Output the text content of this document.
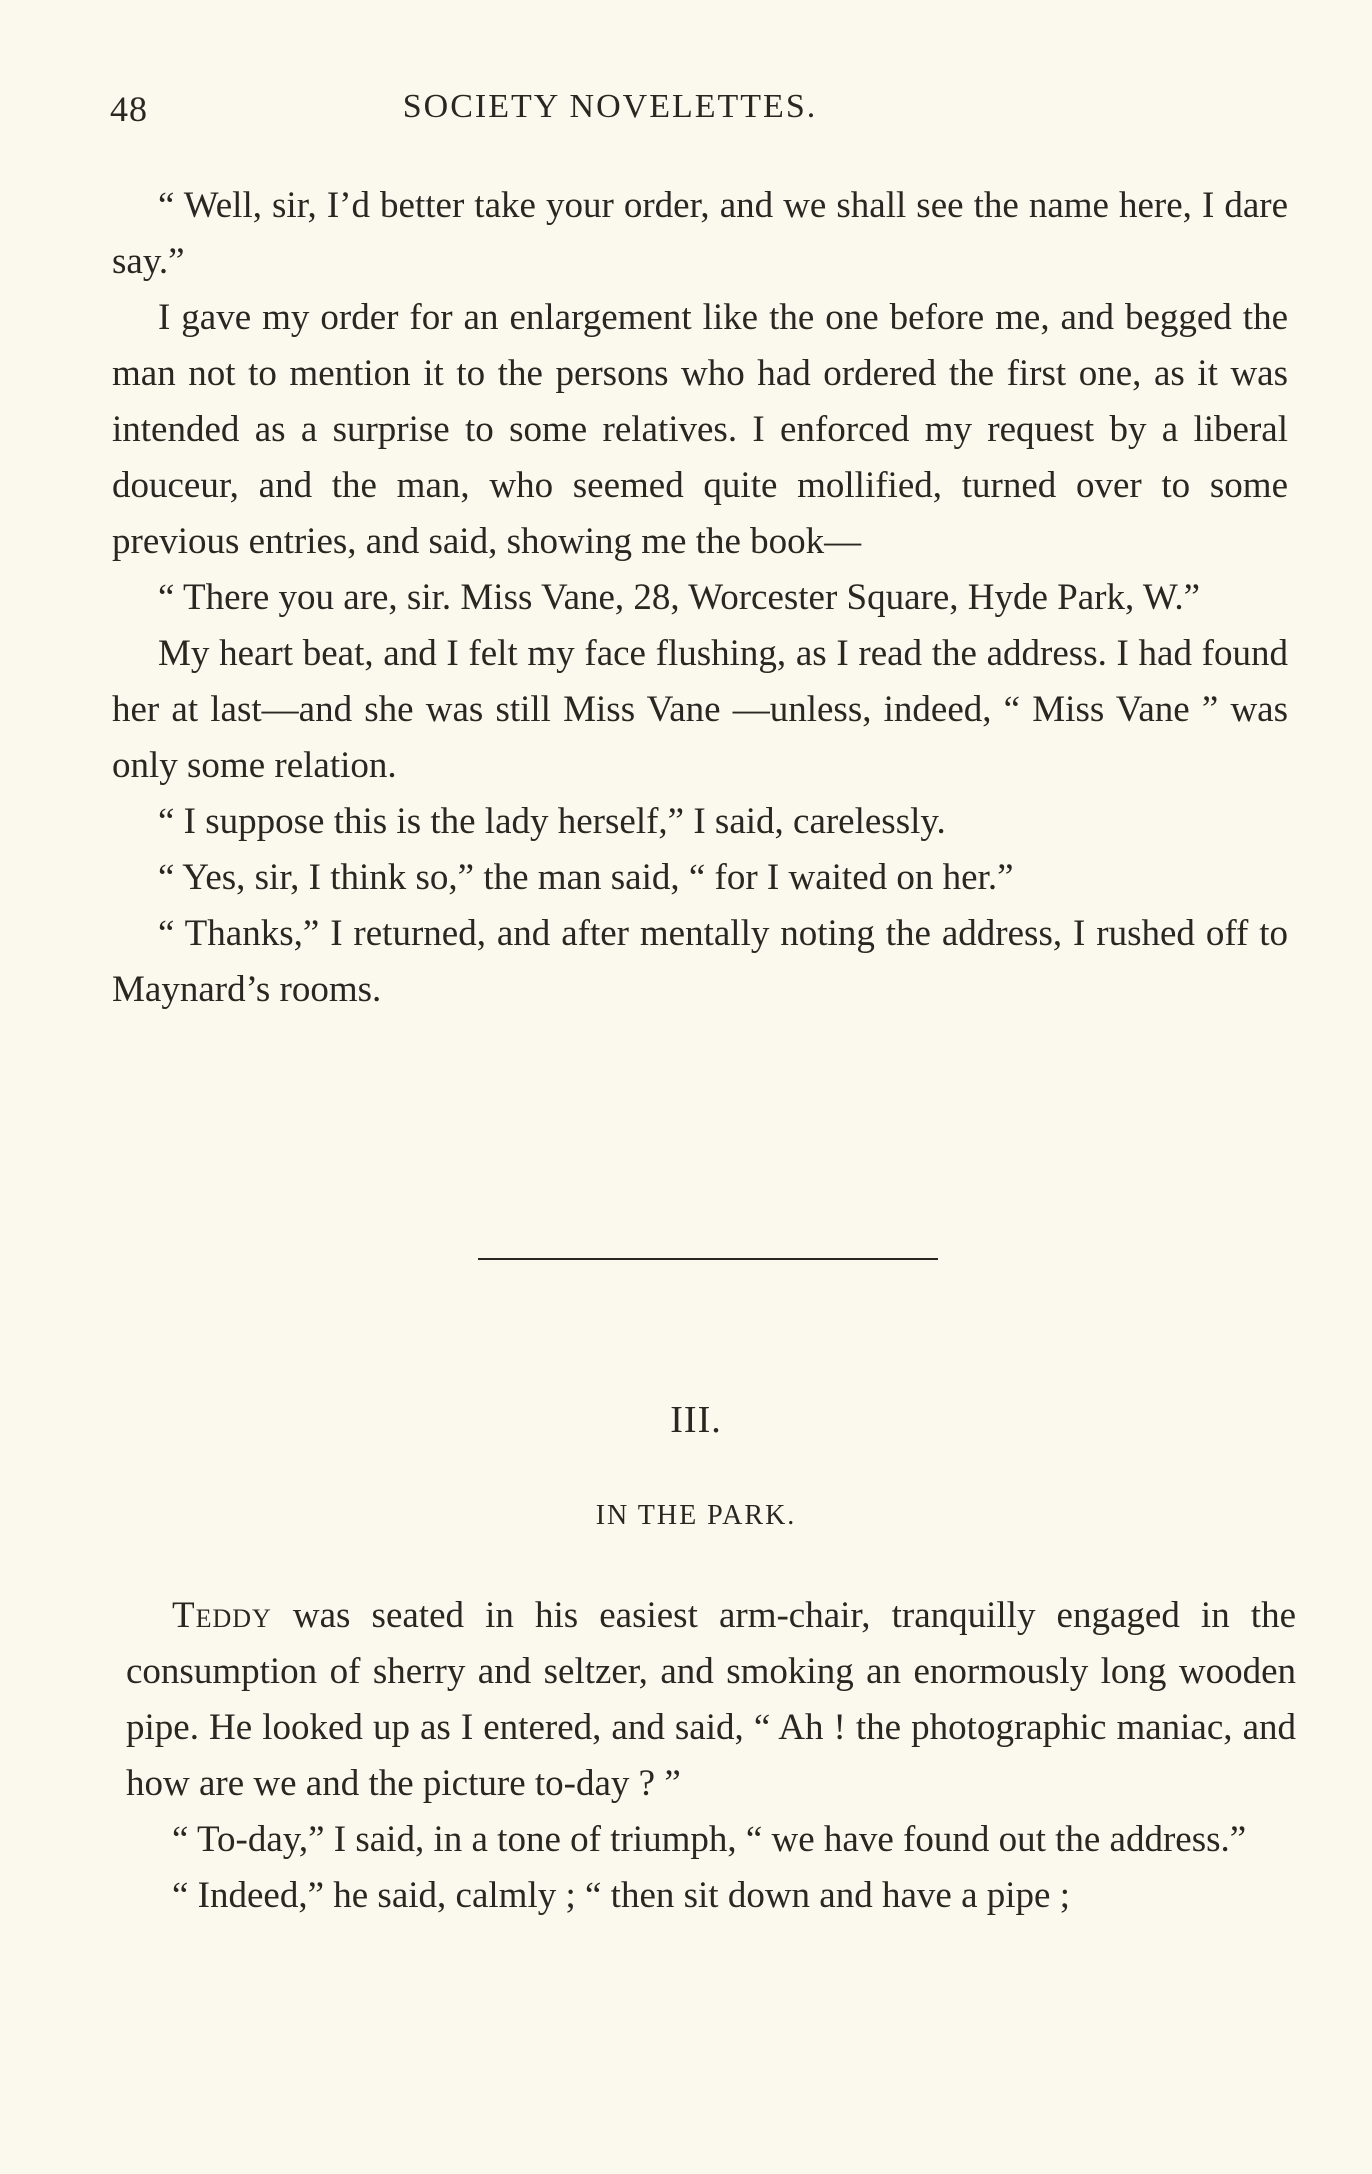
48	SOCIETY NOVELETTES.

“ Well, sir, I’d better take your order, and we shall see the name here, I dare say.”

I gave my order for an enlargement like the one before me, and begged the man not to mention it to the persons who had ordered the first one, as it was intended as a surprise to some relatives. I enforced my request by a liberal douceur, and the man, who seemed quite mollified, turned over to some previous entries, and said, showing me the book—

“ There you are, sir. Miss Vane, 28, Worcester Square, Hyde Park, W.”

My heart beat, and I felt my face flushing, as I read the address. I had found her at last—and she was still Miss Vane —unless, indeed, “ Miss Vane ” was only some relation.

“ I suppose this is the lady herself,” I said, carelessly.

“ Yes, sir, I think so,” the man said, “ for I waited on her.”

“ Thanks,” I returned, and after mentally noting the address, I rushed off to Maynard’s rooms.

III.
IN THE PARK.

Teddy was seated in his easiest arm-chair, tranquilly engaged in the consumption of sherry and seltzer, and smoking an enormously long wooden pipe. He looked up as I entered, and said, “ Ah ! the photographic maniac, and how are we and the picture to-day ? ”

“ To-day,” I said, in a tone of triumph, “ we have found out the address.”

“ Indeed,” he said, calmly ; “ then sit down and have a pipe ;
